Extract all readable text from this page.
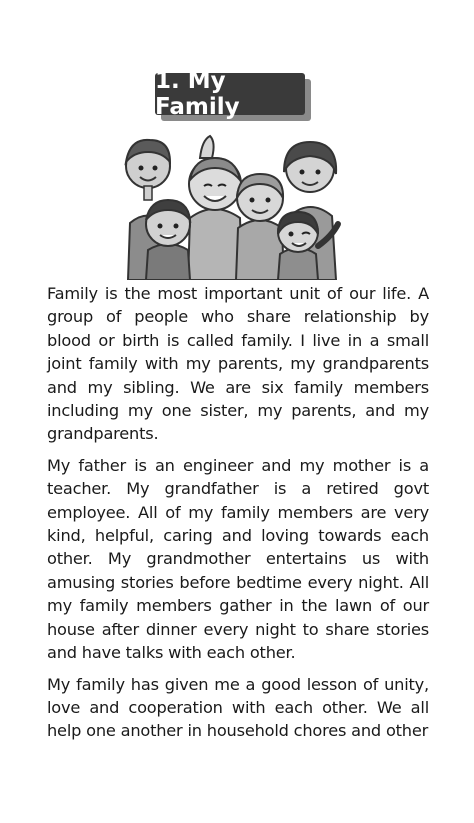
1. My Family

Family is the most important unit of our life. A group of people who share relationship by blood or birth is called family. I live in a small joint family with my parents, my grandparents and my sibling. We are six family members including my one sister, my parents, and my grandparents.

My father is an engineer and my mother is a teacher. My grandfather is a retired govt employee. All of my family members are very kind, helpful, caring and loving towards each other. My grandmother entertains us with amusing stories before bedtime every night. All my family members gather in the lawn of our house after dinner every night to share stories and have talks with each other.

My family has given me a good lesson of unity, love and cooperation with each other. We all help one another in household chores and other
